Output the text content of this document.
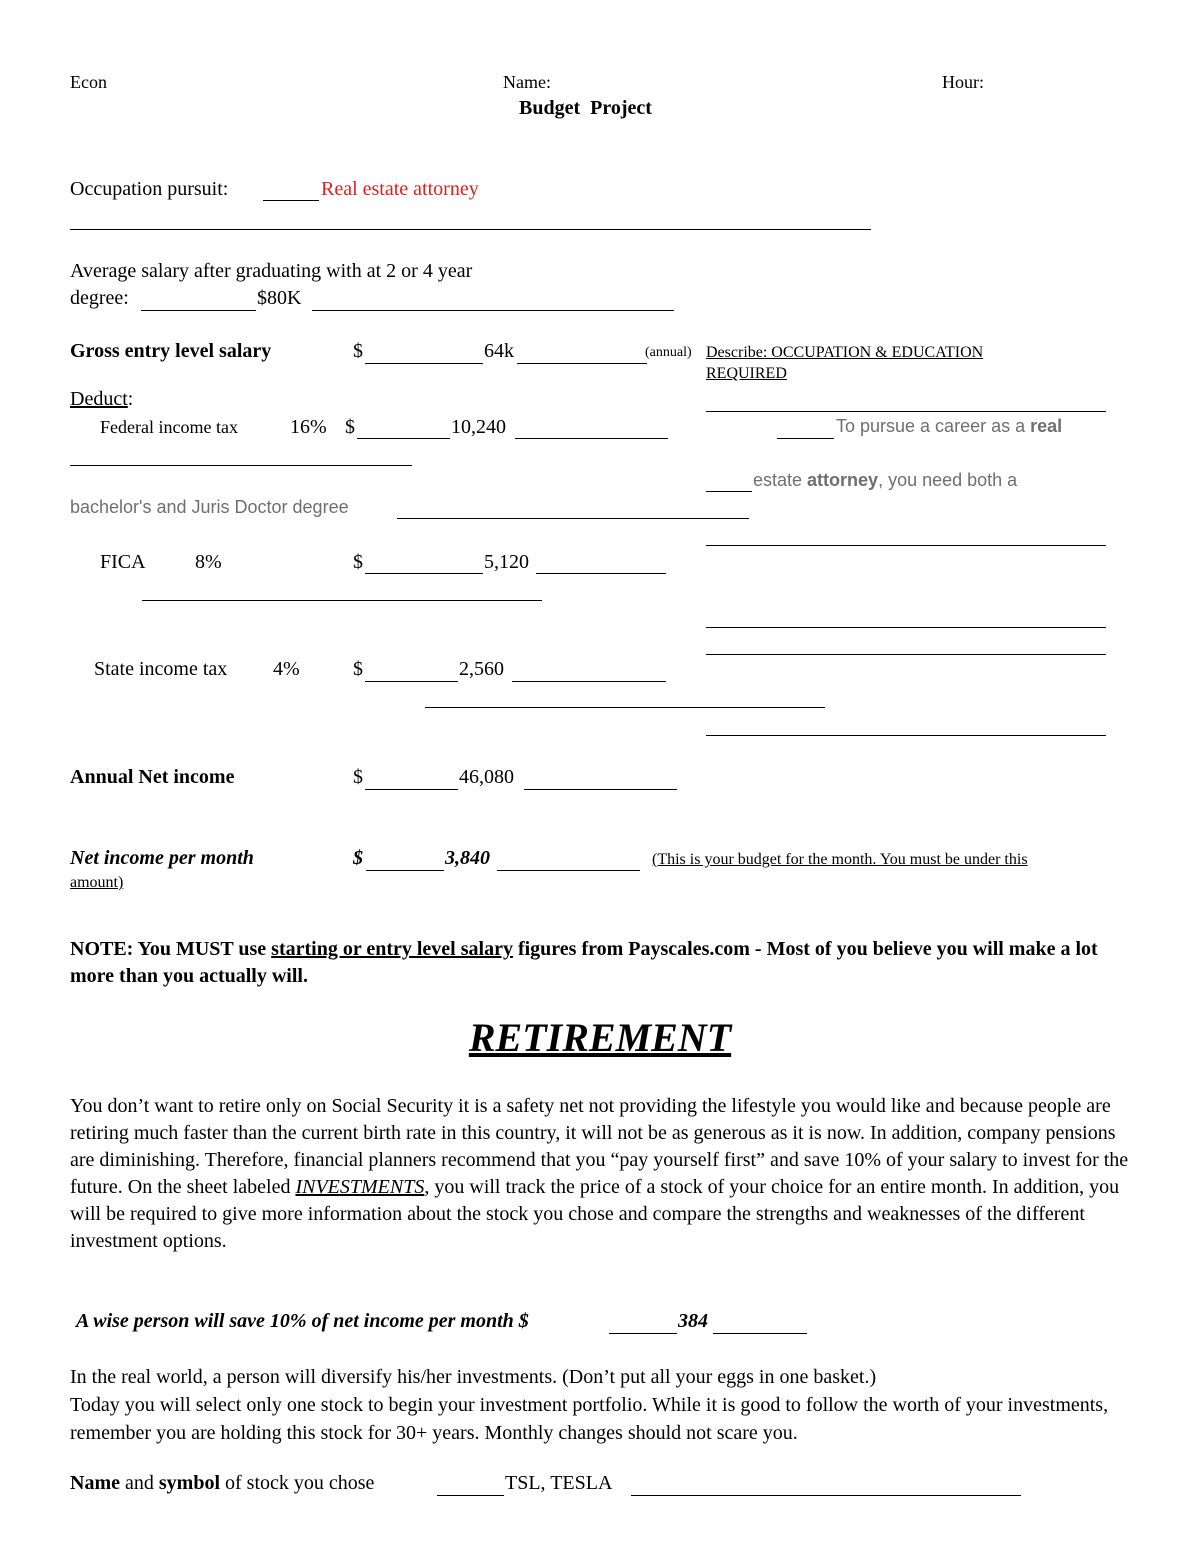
Econ	Name:	Hour:
Budget  Project
Occupation pursuit:	Real estate attorney
Average salary after graduating with at 2 or 4 year
degree:	$80K
Gross entry level salary	$	64k	(annual) Describe: OCCUPATION & EDUCATION
REQUIRED
Deduct:
Federal income tax	16% $	10,240	To pursue a career as a real
estate attorney, you need both a
bachelor's and Juris Doctor degree
FICA 8%	$	5,120
State income tax 4%	$	2,560
Annual Net income	$	46,080
Net income per month	$	3,840	(This is your budget for the month. You must be under this
amount)
NOTE: You MUST use starting or entry level salary figures from Payscales.com - Most of you believe you will make a lot more than you actually will.
RETIREMENT
You don’t want to retire only on Social Security it is a safety net not providing the lifestyle you would like and because people are retiring much faster than the current birth rate in this country, it will not be as generous as it is now. In addition, company pensions are diminishing. Therefore, financial planners recommend that you “pay yourself first” and save 10% of your salary to invest for the future. On the sheet labeled INVESTMENTS, you will track the price of a stock of your choice for an entire month. In addition, you will be required to give more information about the stock you chose and compare the strengths and weaknesses of the different investment options.
A wise person will save 10% of net income per month $	384
In the real world, a person will diversify his/her investments. (Don’t put all your eggs in one basket.)
Today you will select only one stock to begin your investment portfolio. While it is good to follow the worth of your investments, remember you are holding this stock for 30+ years. Monthly changes should not scare you.
Name and symbol of stock you chose	TSL, TESLA
